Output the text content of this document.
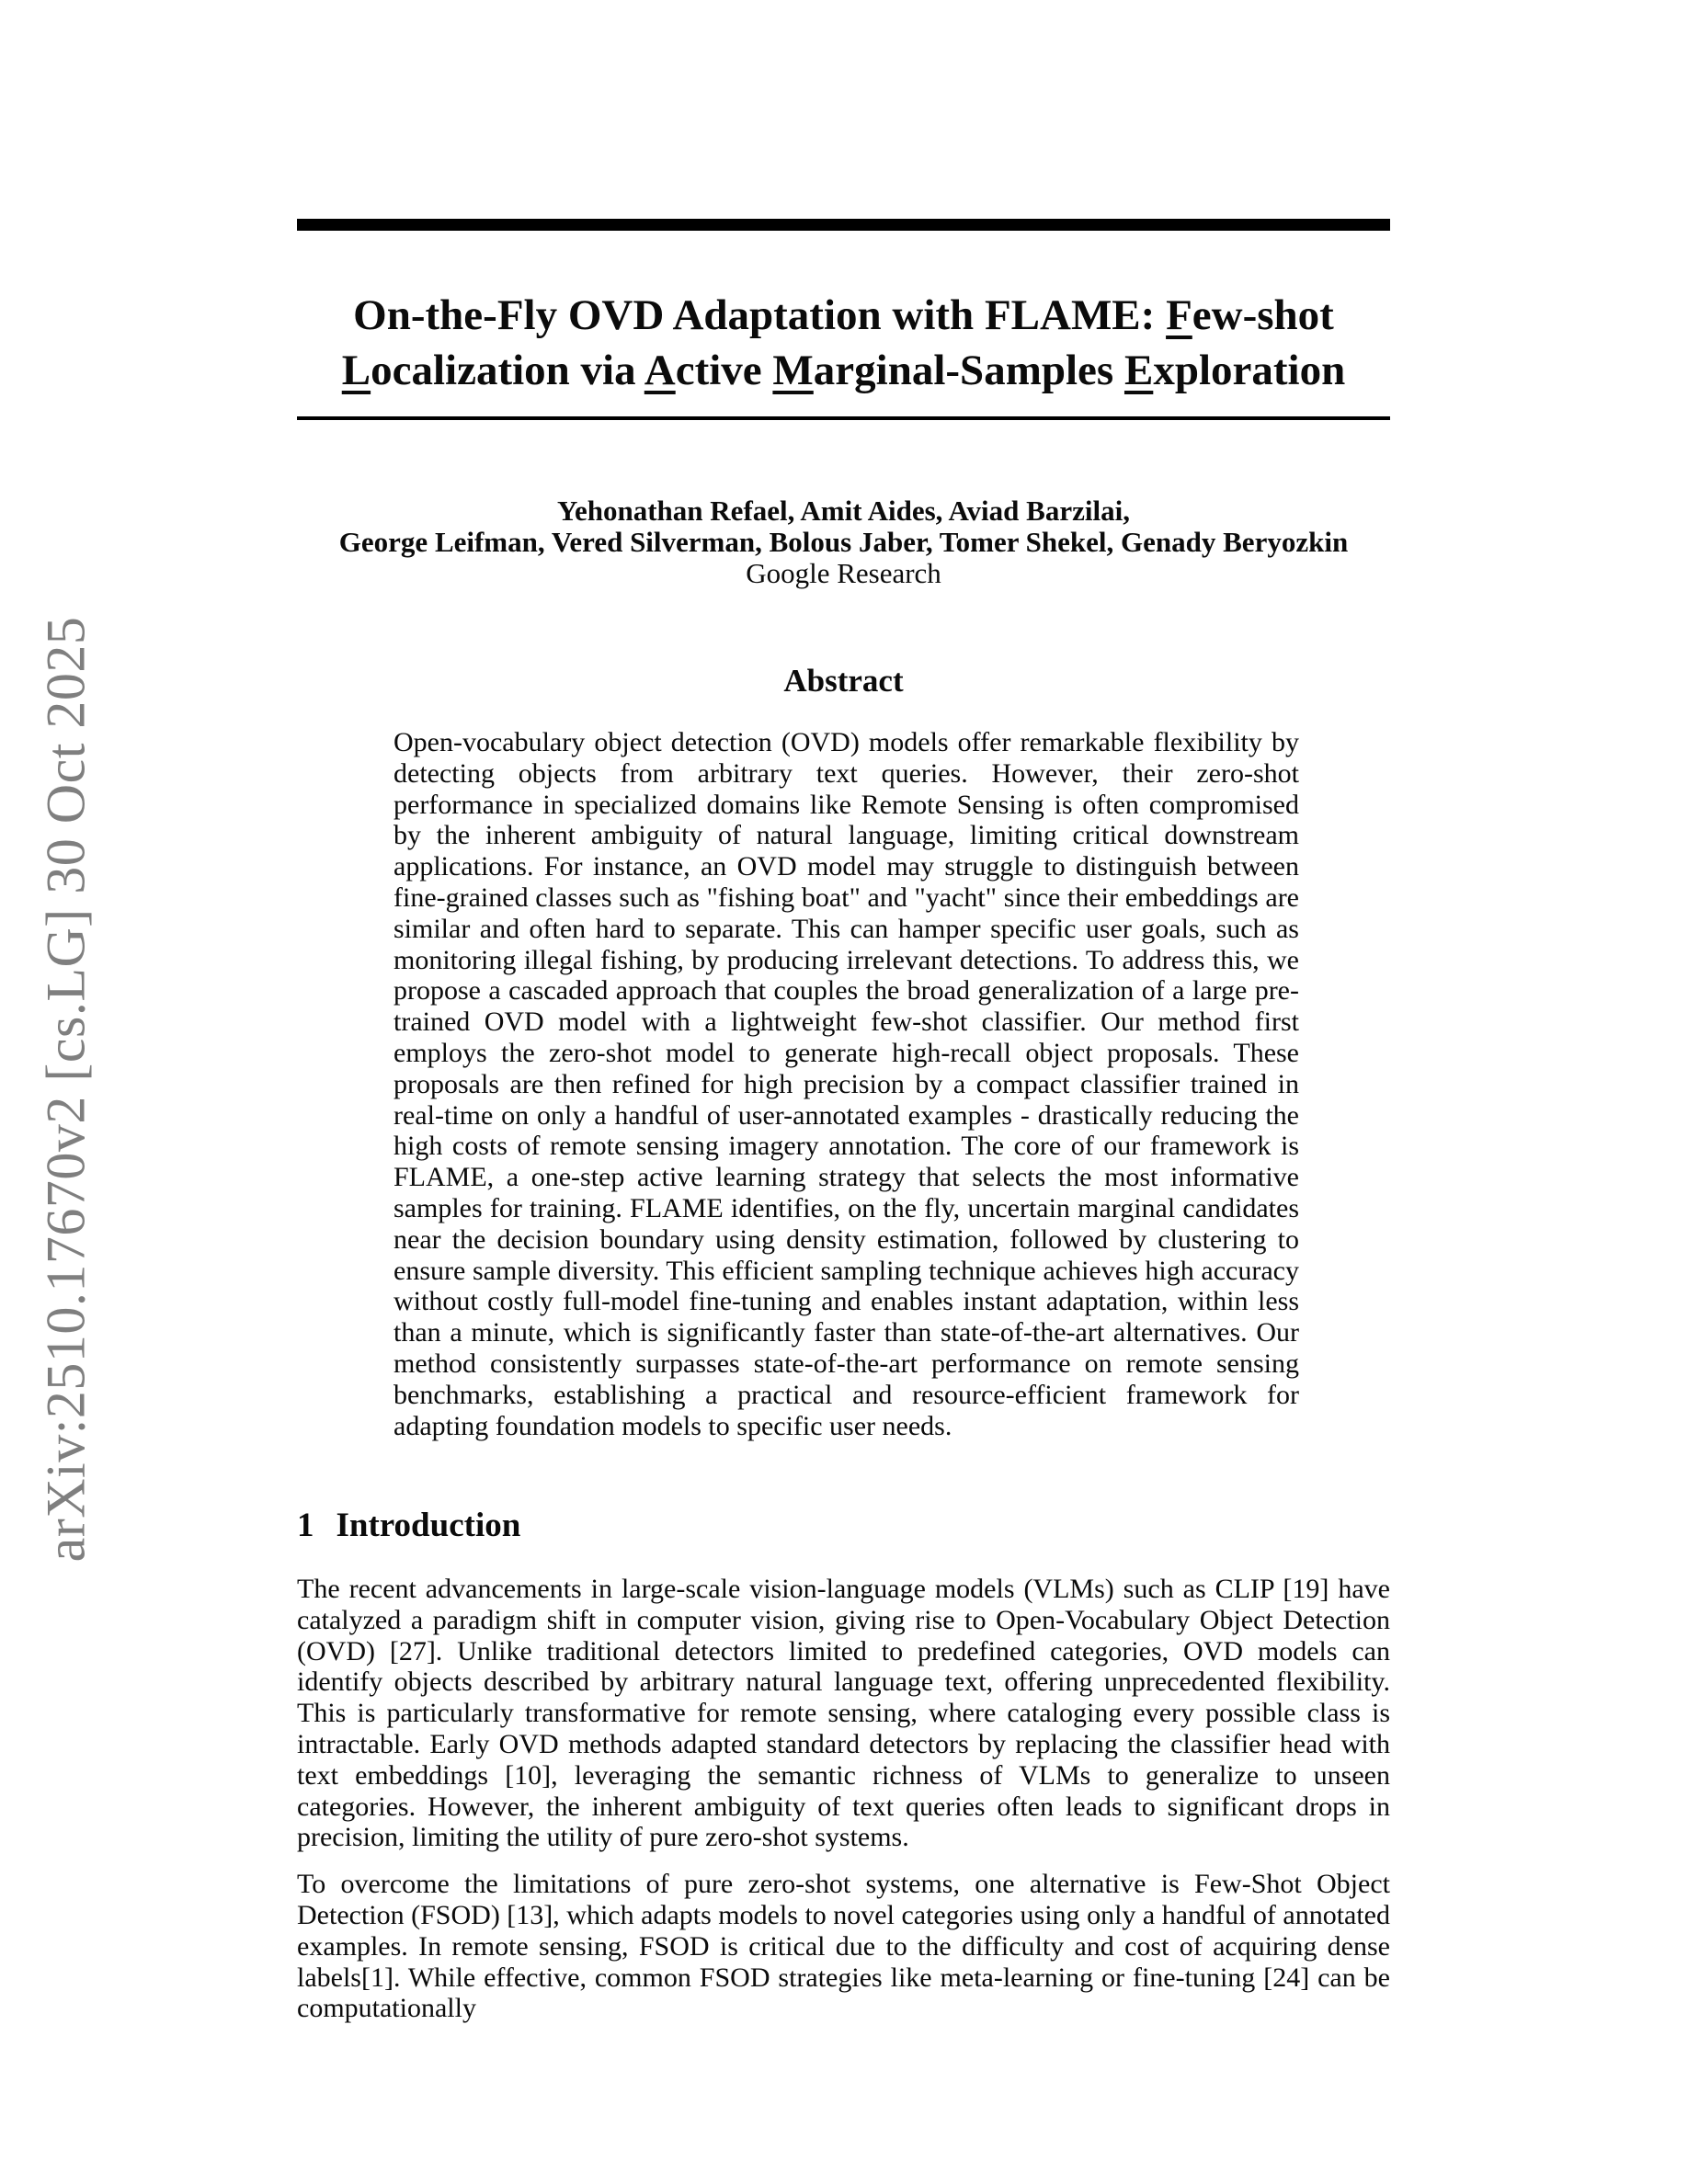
arXiv:2510.17670v2 [cs.LG] 30 Oct 2025
On-the-Fly OVD Adaptation with FLAME: Few-shot Localization via Active Marginal-Samples Exploration
Yehonathan Refael, Amit Aides, Aviad Barzilai,
George Leifman, Vered Silverman, Bolous Jaber, Tomer Shekel, Genady Beryozkin
Google Research
Abstract
Open-vocabulary object detection (OVD) models offer remarkable flexibility by detecting objects from arbitrary text queries. However, their zero-shot performance in specialized domains like Remote Sensing is often compromised by the inherent ambiguity of natural language, limiting critical downstream applications. For instance, an OVD model may struggle to distinguish between fine-grained classes such as "fishing boat" and "yacht" since their embeddings are similar and often hard to separate. This can hamper specific user goals, such as monitoring illegal fishing, by producing irrelevant detections. To address this, we propose a cascaded approach that couples the broad generalization of a large pre-trained OVD model with a lightweight few-shot classifier. Our method first employs the zero-shot model to generate high-recall object proposals. These proposals are then refined for high precision by a compact classifier trained in real-time on only a handful of user-annotated examples - drastically reducing the high costs of remote sensing imagery annotation. The core of our framework is FLAME, a one-step active learning strategy that selects the most informative samples for training. FLAME identifies, on the fly, uncertain marginal candidates near the decision boundary using density estimation, followed by clustering to ensure sample diversity. This efficient sampling technique achieves high accuracy without costly full-model fine-tuning and enables instant adaptation, within less than a minute, which is significantly faster than state-of-the-art alternatives. Our method consistently surpasses state-of-the-art performance on remote sensing benchmarks, establishing a practical and resource-efficient framework for adapting foundation models to specific user needs.
1 Introduction

The recent advancements in large-scale vision-language models (VLMs) such as CLIP [19] have catalyzed a paradigm shift in computer vision, giving rise to Open-Vocabulary Object Detection (OVD) [27]. Unlike traditional detectors limited to predefined categories, OVD models can identify objects described by arbitrary natural language text, offering unprecedented flexibility. This is particularly transformative for remote sensing, where cataloging every possible class is intractable. Early OVD methods adapted standard detectors by replacing the classifier head with text embeddings [10], leveraging the semantic richness of VLMs to generalize to unseen categories. However, the inherent ambiguity of text queries often leads to significant drops in precision, limiting the utility of pure zero-shot systems.

To overcome the limitations of pure zero-shot systems, one alternative is Few-Shot Object Detection (FSOD) [13], which adapts models to novel categories using only a handful of annotated examples. In remote sensing, FSOD is critical due to the difficulty and cost of acquiring dense labels[1]. While effective, common FSOD strategies like meta-learning or fine-tuning [24] can be computationally
